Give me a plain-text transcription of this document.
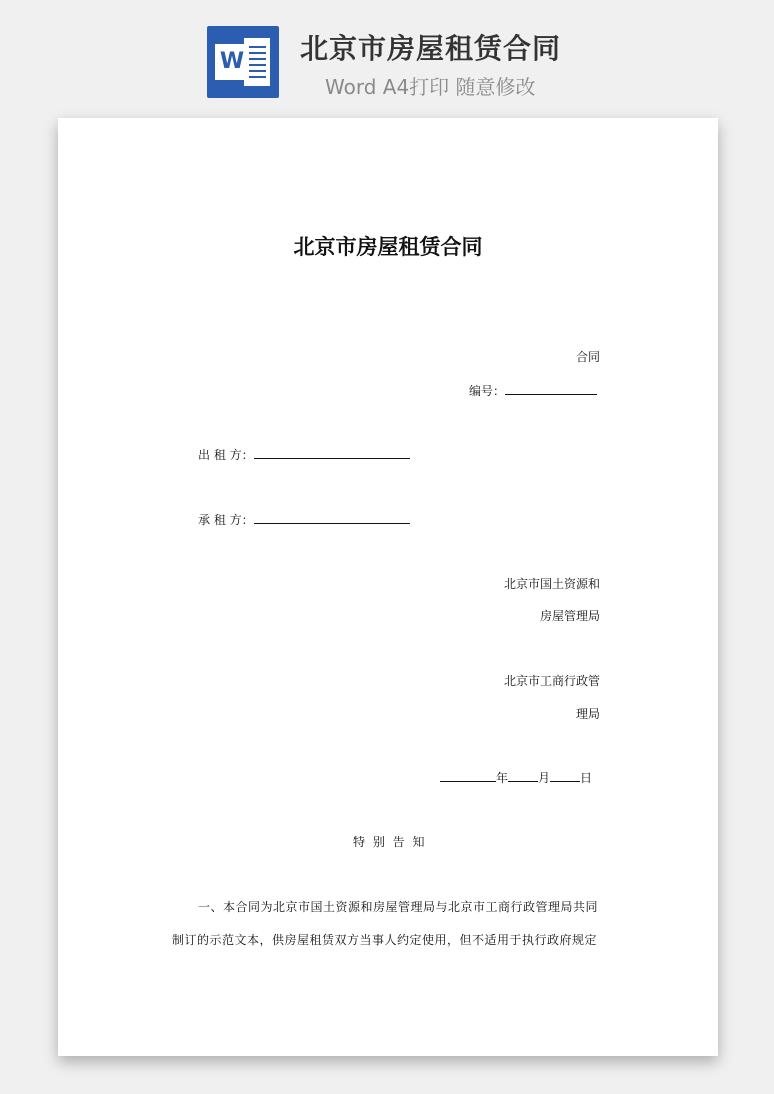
W 北京市房屋租赁合同
Word A4打印 随意修改
北京市房屋租赁合同
合同
编号：
出 租 方：
承 租 方：
北京市国土资源和
房屋管理局
北京市工商行政管
理局
年	月	日
特 别 告 知
一、本合同为北京市国土资源和房屋管理局与北京市工商行政管理局共同
制订的示范文本，供房屋租赁双方当事人约定使用，但不适用于执行政府规定
